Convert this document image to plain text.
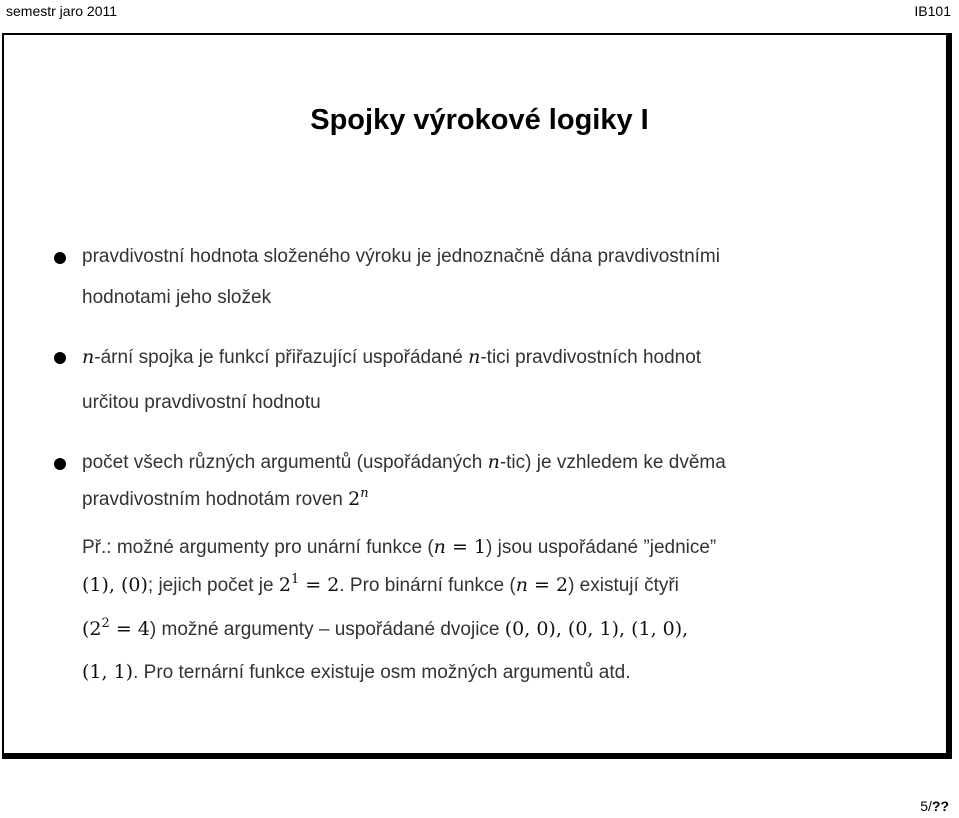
semestr jaro 2011	IB101
Spojky výrokové logiky I
pravdivostní hodnota složeného výroku je jednoznačně dána pravdivostními
hodnotami jeho složek
n-ární spojka je funkcí přiřazující uspořádané n-tici pravdivostních hodnot
určitou pravdivostní hodnotu
počet všech různých argumentů (uspořádaných n-tic) je vzhledem ke dvěma
pravdivostním hodnotám roven 2$^n$
Př.: možné argumenty pro unární funkce (n = 1) jsou uspořádané ”jednice”
(1), (0); jejich počet je $2^1 = 2$. Pro binární funkce (n = 2) existují čtyři
$(2^2 = 4)$ možné argumenty – uspořádané dvojice (0, 0), (0, 1), (1, 0),
(1, 1). Pro ternární funkce existuje osm možných argumentů atd.
5/??
